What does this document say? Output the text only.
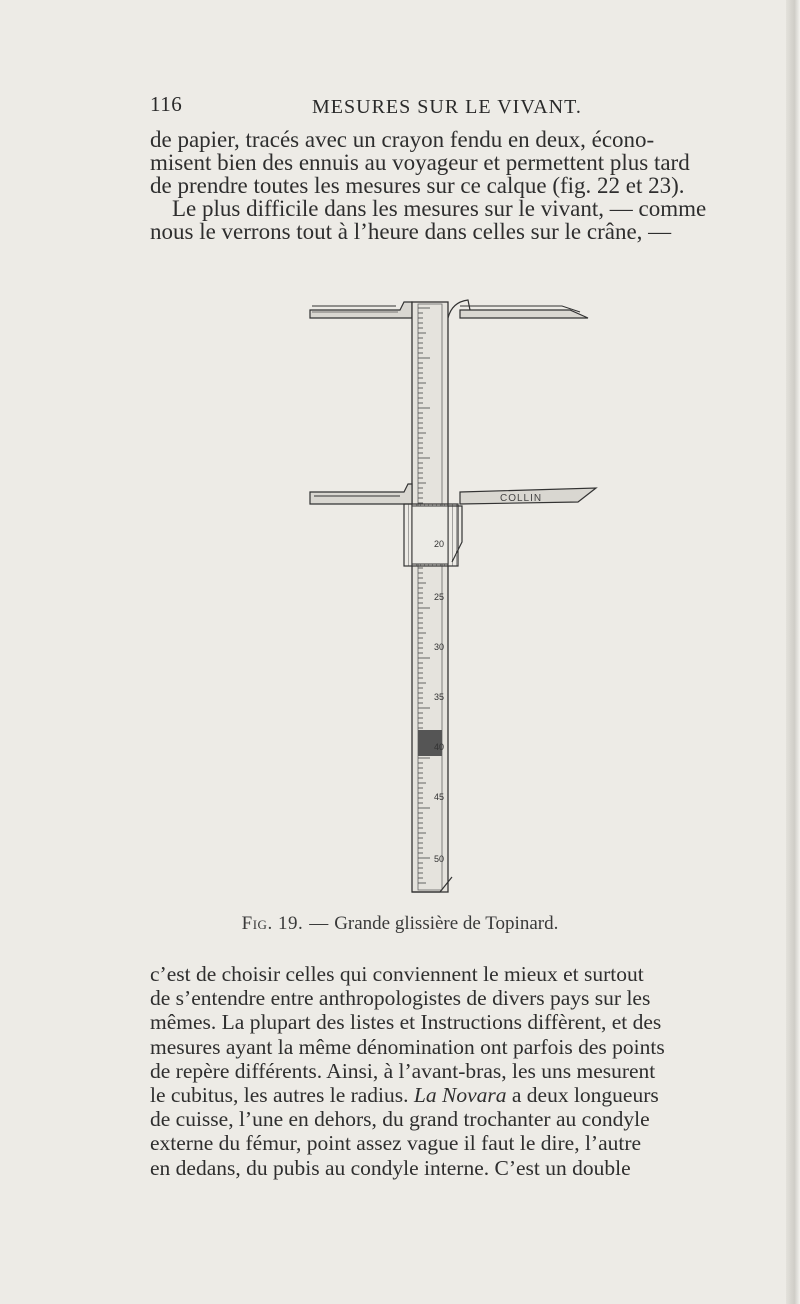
116	MESURES SUR LE VIVANT.

de papier, tracés avec un crayon fendu en deux, écono-
misent bien des ennuis au voyageur et permettent plus tard
de prendre toutes les mesures sur ce calque (fig. 22 et 23).
Le plus difficile dans les mesures sur le vivant, — comme
nous le verrons tout à l’heure dans celles sur le crâne, —

COLLIN
20
25
30
35
40
45
50
Fig. 19. — Grande glissière de Topinard.

c’est de choisir celles qui conviennent le mieux et surtout
de s’entendre entre anthropologistes de divers pays sur les
mêmes. La plupart des listes et Instructions diffèrent, et des
mesures ayant la même dénomination ont parfois des points
de repère différents. Ainsi, à l’avant-bras, les uns mesurent
le cubitus, les autres le radius. La Novara a deux longueurs
de cuisse, l’une en dehors, du grand trochanter au condyle
externe du fémur, point assez vague il faut le dire, l’autre
en dedans, du pubis au condyle interne. C’est un double
